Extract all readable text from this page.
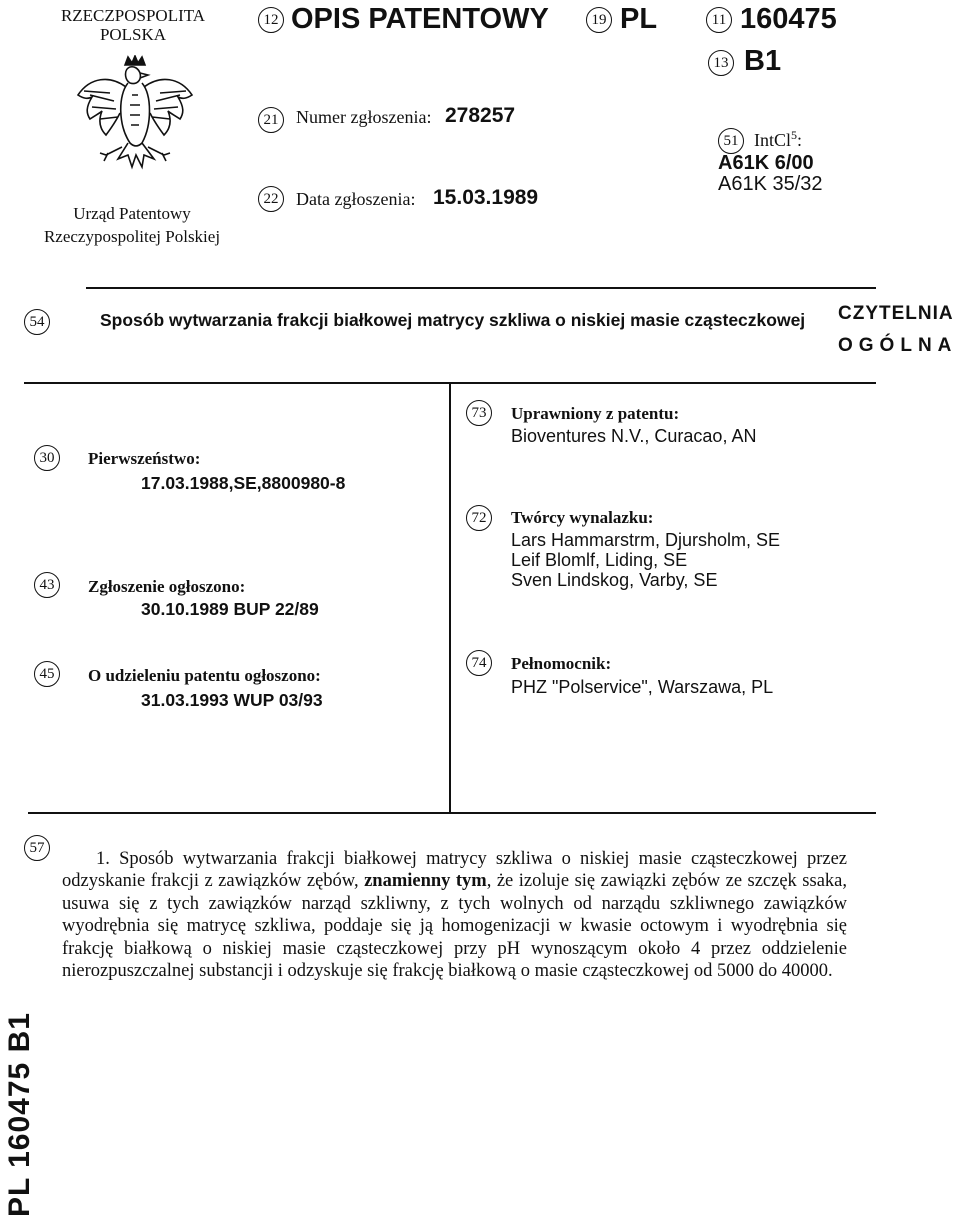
RZECZPOSPOLITA
POLSKA
Urząd Patentowy
Rzeczypospolitej Polskiej
12 OPIS PATENTOWY	19 PL	11 160475
13 B1
21 Numer zgłoszenia: 278257
22 Data zgłoszenia: 15.03.1989
51 IntCl$^5$:
A61K 6/00
A61K 35/32
54	Sposób wytwarzania frakcji białkowej matrycy szkliwa o niskiej masie cząsteczkowej CZYTELNIA
OGÓLNA
30	Pierwszeństwo:
17.03.1988,SE,8800980-8
43	Zgłoszenie ogłoszono:
30.10.1989 BUP 22/89
45	O udzieleniu patentu ogłoszono:
31.03.1993 WUP 03/93
73	Uprawniony z patentu:
Bioventures N.V., Curacao, AN
72	Twórcy wynalazku:
Lars Hammarstrm, Djursholm, SE
Leif Blomlf, Liding, SE
Sven Lindskog, Varby, SE
74	Pełnomocnik:
PHZ "Polservice", Warszawa, PL
57
1. Sposób wytwarzania frakcji białkowej matrycy szkliwa o niskiej masie cząsteczkowej przez odzyskanie frakcji z zawiązków zębów, znamienny tym, że izoluje się zawiązki zębów ze szczęk ssaka, usuwa się z tych zawiązków narząd szkliwny, z tych wolnych od narządu szkliwnego zawiązków wyodrębnia się matrycę szkliwa, poddaje się ją homogenizacji w kwasie octowym i wyodrębnia się frakcję białkową o niskiej masie cząsteczkowej przy pH wynoszącym około 4 przez oddzielenie nierozpuszczalnej substancji i odzyskuje się frakcję białkową o masie cząsteczkowej od 5000 do 40000.
PL 160475 B1
